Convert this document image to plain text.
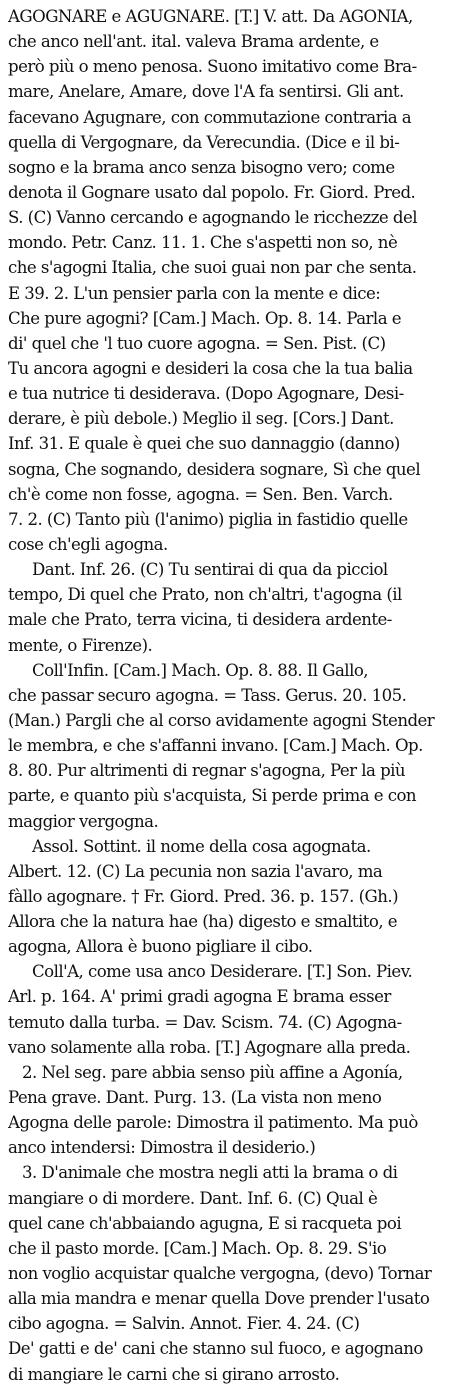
AGOGNARE e AGUGNARE. [T.] V. att. Da AGONIA,
che anco nell'ant. ital. valeva Brama ardente, e
però più o meno penosa. Suono imitativo come Bra-
mare, Anelare, Amare, dove l'A fa sentirsi. Gli ant.
facevano Agugnare, con commutazione contraria a
quella di Vergognare, da Verecundia. (Dice e il bi-
sogno e la brama anco senza bisogno vero; come
denota il Gognare usato dal popolo. Fr. Giord. Pred.
S. (C) Vanno cercando e agognando le ricchezze del
mondo. Petr. Canz. 11. 1. Che s'aspetti non so, nè
che s'agogni Italia, che suoi guai non par che senta.
E 39. 2. L'un pensier parla con la mente e dice:
Che pure agogni? [Cam.] Mach. Op. 8. 14. Parla e
di' quel che 'l tuo cuore agogna. = Sen. Pist. (C)
Tu ancora agogni e desideri la cosa che la tua balia
e tua nutrice ti desiderava. (Dopo Agognare, Desi-
derare, è più debole.) Meglio il seg. [Cors.] Dant.
Inf. 31. E quale è quei che suo dannaggio (danno)
sogna, Che sognando, desidera sognare, Sì che quel
ch'è come non fosse, agogna. = Sen. Ben. Varch.
7. 2. (C) Tanto più (l'animo) piglia in fastidio quelle
cose ch'egli agogna.
Dant. Inf. 26. (C) Tu sentirai di qua da picciol
tempo, Di quel che Prato, non ch'altri, t'agogna (il
male che Prato, terra vicina, ti desidera ardente-
mente, o Firenze).
Coll'Infin. [Cam.] Mach. Op. 8. 88. Il Gallo,
che passar securo agogna. = Tass. Gerus. 20. 105.
(Man.) Pargli che al corso avidamente agogni Stender
le membra, e che s'affanni invano. [Cam.] Mach. Op.
8. 80. Pur altrimenti di regnar s'agogna, Per la più
parte, e quanto più s'acquista, Si perde prima e con
maggior vergogna.
Assol. Sottint. il nome della cosa agognata.
Albert. 12. (C) La pecunia non sazia l'avaro, ma
fàllo agognare. † Fr. Giord. Pred. 36. p. 157. (Gh.)
Allora che la natura hae (ha) digesto e smaltito, e
agogna, Allora è buono pigliare il cibo.
Coll'A, come usa anco Desiderare. [T.] Son. Piev.
Arl. p. 164. A' primi gradi agogna E brama esser
temuto dalla turba. = Dav. Scism. 74. (C) Agogna-
vano solamente alla roba. [T.] Agognare alla preda.
2. Nel seg. pare abbia senso più affine a Agonía,
Pena grave. Dant. Purg. 13. (La vista non meno
Agogna delle parole: Dimostra il patimento. Ma può
anco intendersi: Dimostra il desiderio.)
3. D'animale che mostra negli atti la brama o di
mangiare o di mordere. Dant. Inf. 6. (C) Qual è
quel cane ch'abbaiando agugna, E si racqueta poi
che il pasto morde. [Cam.] Mach. Op. 8. 29. S'io
non voglio acquistar qualche vergogna, (devo) Tornar
alla mia mandra e menar quella Dove prender l'usato
cibo agogna. = Salvin. Annot. Fier. 4. 24. (C)
De' gatti e de' cani che stanno sul fuoco, e agognano
di mangiare le carni che si girano arrosto.
